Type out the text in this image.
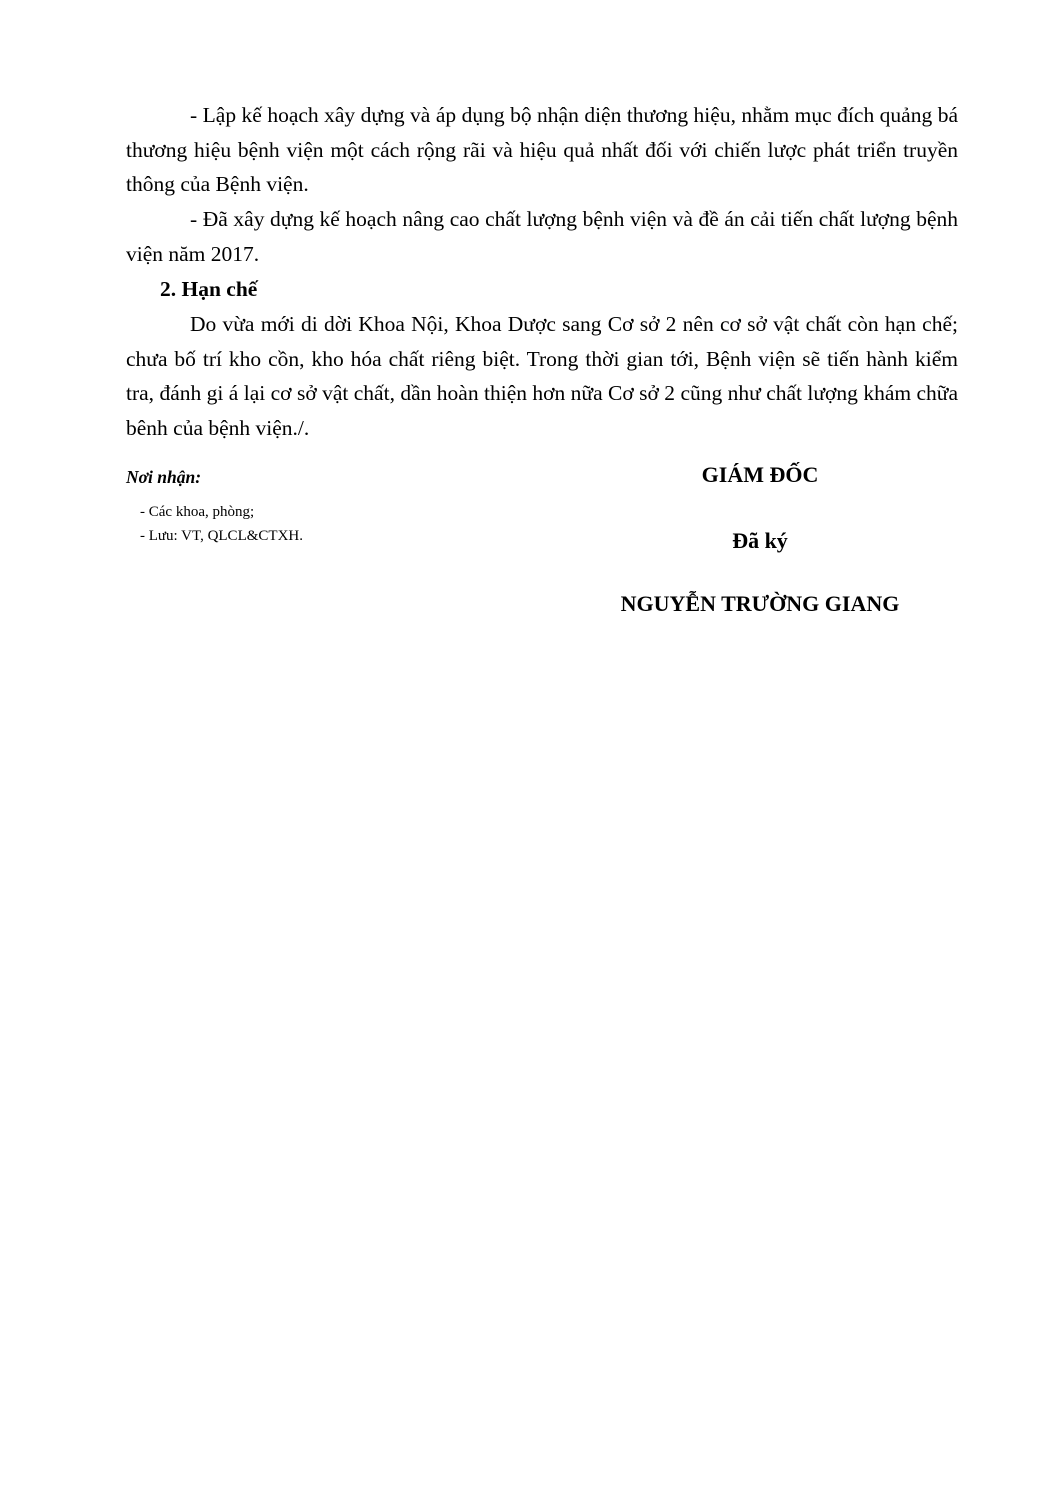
- Lập kế hoạch xây dựng và áp dụng bộ nhận diện thương hiệu, nhằm mục đích quảng bá thương hiệu bệnh viện một cách rộng rãi và hiệu quả nhất đối với chiến lược phát triển truyền thông của Bệnh viện.

- Đã xây dựng kế hoạch nâng cao chất lượng bệnh viện và đề án cải tiến chất lượng bệnh viện năm 2017.

2. Hạn chế

Do vừa mới di dời Khoa Nội, Khoa Dược sang Cơ sở 2 nên cơ sở vật chất còn hạn chế; chưa bố trí kho cồn, kho hóa chất riêng biệt. Trong thời gian tới, Bệnh viện sẽ tiến hành kiểm tra, đánh gi á lại cơ sở vật chất, dần hoàn thiện hơn nữa Cơ sở 2 cũng như chất lượng khám chữa bênh của bệnh viện./.

Nơi nhận:

- Các khoa, phòng;
- Lưu: VT, QLCL&CTXH.

GIÁM ĐỐC

Đã ký

NGUYỄN TRƯỜNG GIANG
